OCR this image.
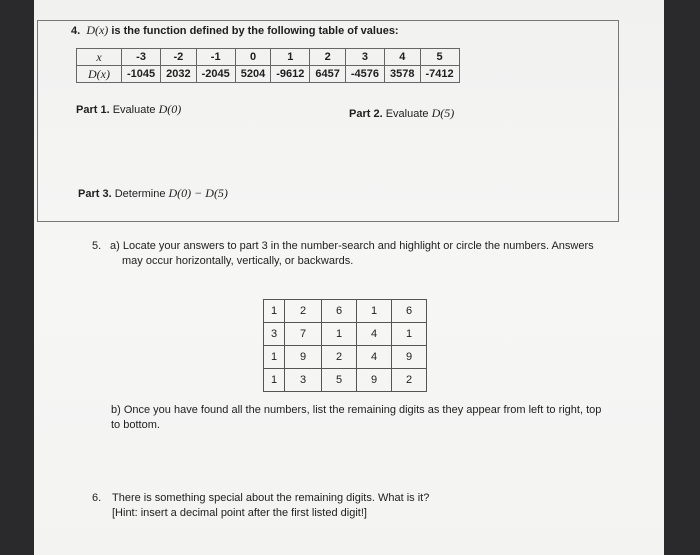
4. D(x) is the function defined by the following table of values:
x	-3	-2	-1	0	1	2	3	4	5
D(x)	-1045	2032	-2045	5204	-9612	6457	-4576	3578	-7412
Part 1. Evaluate D(0)	Part 2. Evaluate D(5)
Part 3. Determine D(0) − D(5)
5. a) Locate your answers to part 3 in the number-search and highlight or circle the numbers. Answers
may occur horizontally, vertically, or backwards.
1	2	6	1	6
3	7	1	4	1
1	9	2	4	9
1	3	5	9	2
b) Once you have found all the numbers, list the remaining digits as they appear from left to right, top
to bottom.
6. There is something special about the remaining digits. What is it?
[Hint: insert a decimal point after the first listed digit!]
